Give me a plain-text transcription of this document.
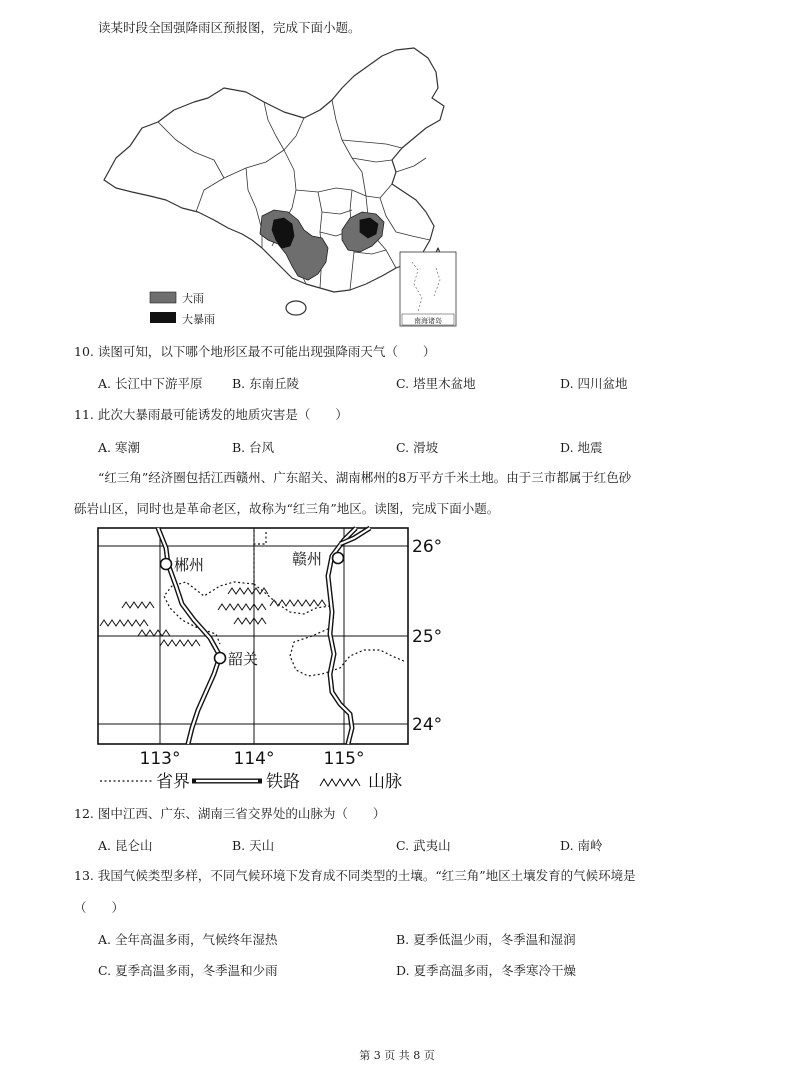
读某时段全国强降雨区预报图，完成下面小题。
南海诸岛
大雨
大暴雨
10. 读图可知，以下哪个地形区最不可能出现强降雨天气（　　）
A. 长江中下游平原 B. 东南丘陵	C. 塔里木盆地	D. 四川盆地
11. 此次大暴雨最可能诱发的地质灾害是（　　）
A. 寒潮	B. 台风	C. 滑坡	D. 地震
“红三角”经济圈包括江西赣州、广东韶关、湖南郴州的8万平方千米土地。由于三市都属于红色砂
砾岩山区，同时也是革命老区，故称为“红三角”地区。读图，完成下面小题。
郴州	赣州
韶关
26°
25°
24°
113°	114°	115°
省界	铁路	山脉
12. 图中江西、广东、湖南三省交界处的山脉为（　　）
A. 昆仑山	B. 天山	C. 武夷山	D. 南岭
13. 我国气候类型多样，不同气候环境下发育成不同类型的土壤。“红三角”地区土壤发育的气候环境是
（　　）
A. 全年高温多雨，气候终年湿热	B. 夏季低温少雨，冬季温和湿润
C. 夏季高温多雨，冬季温和少雨	D. 夏季高温多雨，冬季寒冷干燥
第 3 页 共 8 页
